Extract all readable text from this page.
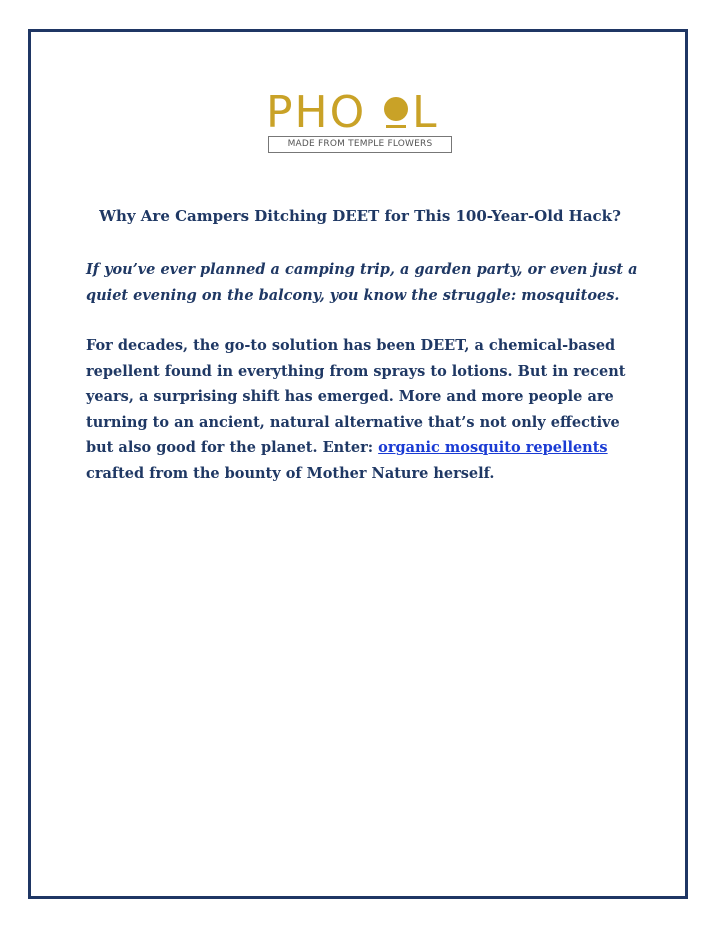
PHO L
MADE FROM TEMPLE FLOWERS
Why Are Campers Ditching DEET for This 100-Year-Old Hack?

If you’ve ever planned a camping trip, a garden party, or even just a quiet evening on the balcony, you know the struggle: mosquitoes.

For decades, the go-to solution has been DEET, a chemical-based repellent found in everything from sprays to lotions. But in recent years, a surprising shift has emerged. More and more people are turning to an ancient, natural alternative that’s not only effective but also good for the planet. Enter: organic mosquito repellents crafted from the bounty of Mother Nature herself.
